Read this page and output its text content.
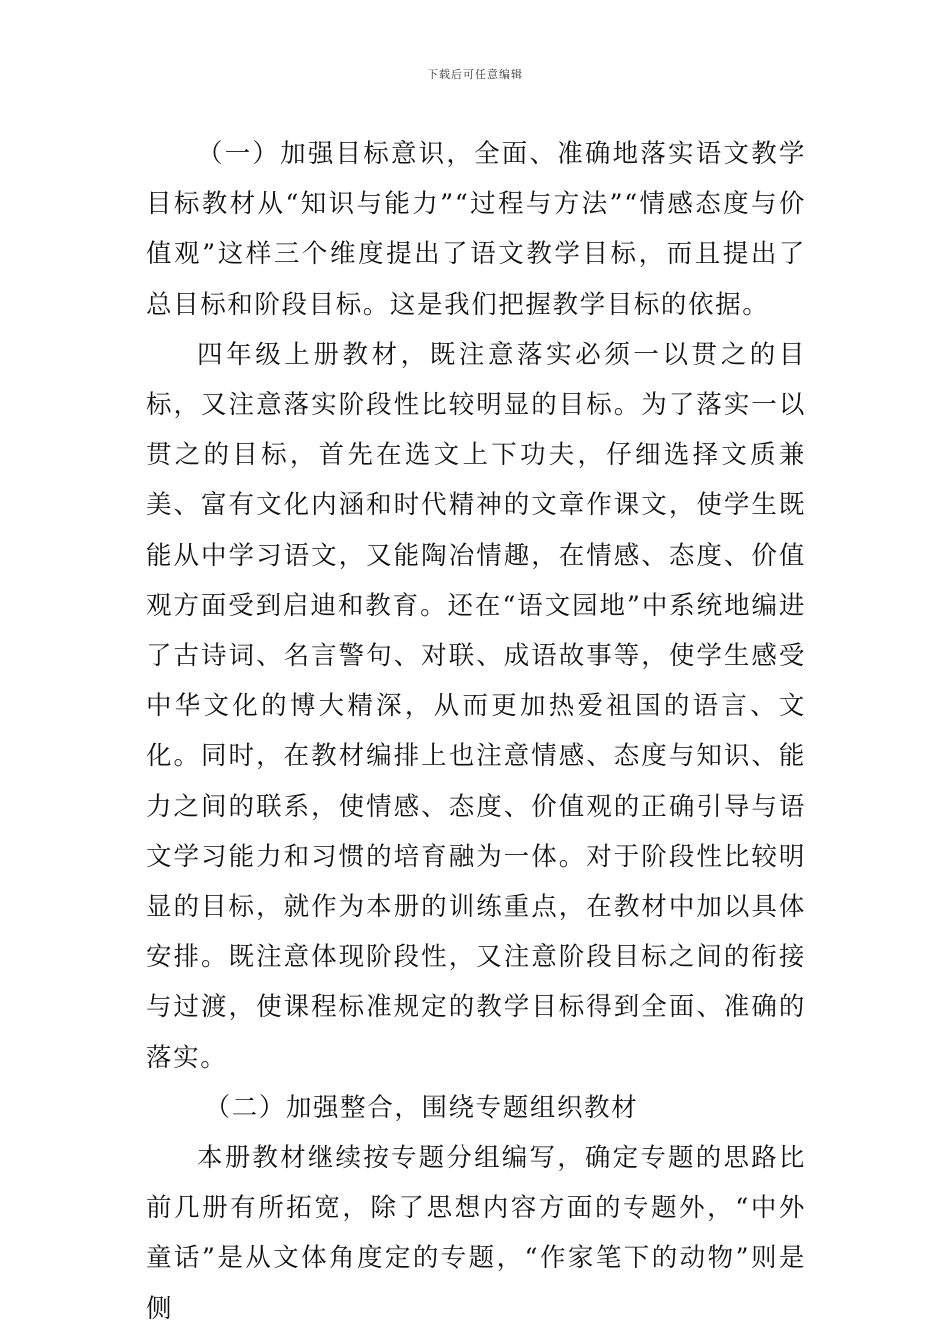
下载后可任意编辑

（一）加强目标意识，全面、准确地落实语文教学目标教材从“知识与能力”“过程与方法”“情感态度与价值观”这样三个维度提出了语文教学目标，而且提出了总目标和阶段目标。这是我们把握教学目标的依据。

四年级上册教材，既注意落实必须一以贯之的目标，又注意落实阶段性比较明显的目标。为了落实一以贯之的目标，首先在选文上下功夫，仔细选择文质兼美、富有文化内涵和时代精神的文章作课文，使学生既能从中学习语文，又能陶冶情趣，在情感、态度、价值观方面受到启迪和教育。还在“语文园地”中系统地编进了古诗词、名言警句、对联、成语故事等，使学生感受中华文化的博大精深，从而更加热爱祖国的语言、文化。同时，在教材编排上也注意情感、态度与知识、能力之间的联系，使情感、态度、价值观的正确引导与语文学习能力和习惯的培育融为一体。对于阶段性比较明显的目标，就作为本册的训练重点，在教材中加以具体安排。既注意体现阶段性，又注意阶段目标之间的衔接与过渡，使课程标准规定的教学目标得到全面、准确的落实。

（二）加强整合，围绕专题组织教材

本册教材继续按专题分组编写，确定专题的思路比前几册有所拓宽，除了思想内容方面的专题外，“中外童话”是从文体角度定的专题，“作家笔下的动物”则是侧
